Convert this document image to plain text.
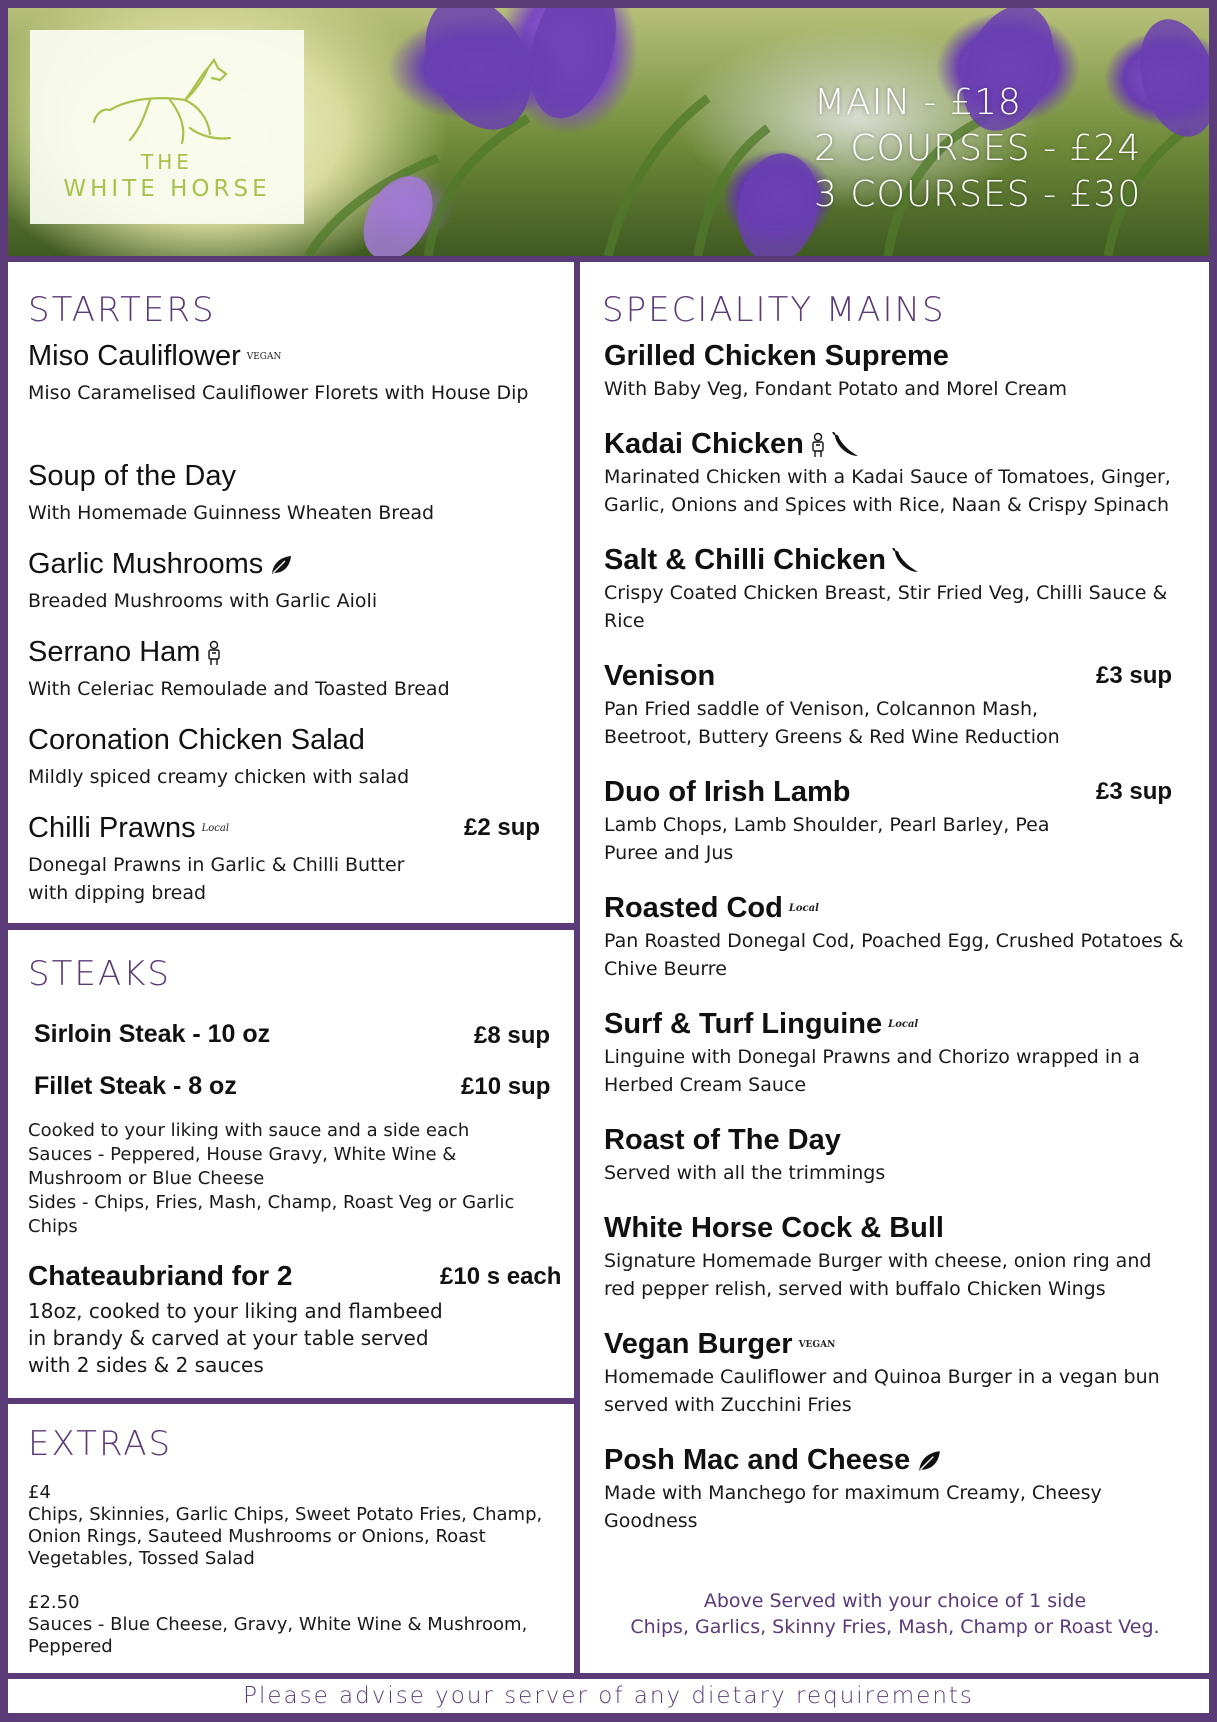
THE
WHITE HORSE
MAIN - £18
2 COURSES - £24
3 COURSES - £30
STARTERS
Miso Cauliflower VEGAN
Miso Caramelised Cauliflower Florets with House Dip
Soup of the Day
With Homemade Guinness Wheaten Bread
Garlic Mushrooms
Breaded Mushrooms with Garlic Aioli
Serrano Ham
With Celeriac Remoulade and Toasted Bread
Coronation Chicken Salad
Mildly spiced creamy chicken with salad
Chilli Prawns Local
Donegal Prawns in Garlic & Chilli Butter with dipping bread
£2 sup
STEAKS
Sirloin Steak - 10 oz	£8 sup
Fillet Steak - 8 oz	£10 sup
Cooked to your liking with sauce and a side each
Sauces - Peppered, House Gravy, White Wine & Mushroom or Blue Cheese
Sides - Chips, Fries, Mash, Champ, Roast Veg or Garlic Chips
Chateaubriand for 2
18oz, cooked to your liking and flambeed in brandy & carved at your table served with 2 sides & 2 sauces
£10 s each
EXTRAS
£4
Chips, Skinnies, Garlic Chips, Sweet Potato Fries, Champ, Onion Rings, Sauteed Mushrooms or Onions, Roast Vegetables, Tossed Salad
£2.50
Sauces - Blue Cheese, Gravy, White Wine & Mushroom, Peppered
SPECIALITY MAINS
Grilled Chicken Supreme
With Baby Veg, Fondant Potato and Morel Cream
Kadai Chicken
Marinated Chicken with a Kadai Sauce of Tomatoes, Ginger, Garlic, Onions and Spices with Rice, Naan & Crispy Spinach
Salt & Chilli Chicken
Crispy Coated Chicken Breast, Stir Fried Veg, Chilli Sauce & Rice
Venison
Pan Fried saddle of Venison, Colcannon Mash, Beetroot, Buttery Greens & Red Wine Reduction
£3 sup
Duo of Irish Lamb
Lamb Chops, Lamb Shoulder, Pearl Barley, Pea Puree and Jus
£3 sup
Roasted Cod Local
Pan Roasted Donegal Cod, Poached Egg, Crushed Potatoes & Chive Beurre
Surf & Turf Linguine Local
Linguine with Donegal Prawns and Chorizo wrapped in a Herbed Cream Sauce
Roast of The Day
Served with all the trimmings
White Horse Cock & Bull
Signature Homemade Burger with cheese, onion ring and red pepper relish, served with buffalo Chicken Wings
Vegan Burger VEGAN
Homemade Cauliflower and Quinoa Burger in a vegan bun served with Zucchini Fries
Posh Mac and Cheese
Made with Manchego for maximum Creamy, Cheesy Goodness
Above Served with your choice of 1 side
Chips, Garlics, Skinny Fries, Mash, Champ or Roast Veg.
Please advise your server of any dietary requirements
